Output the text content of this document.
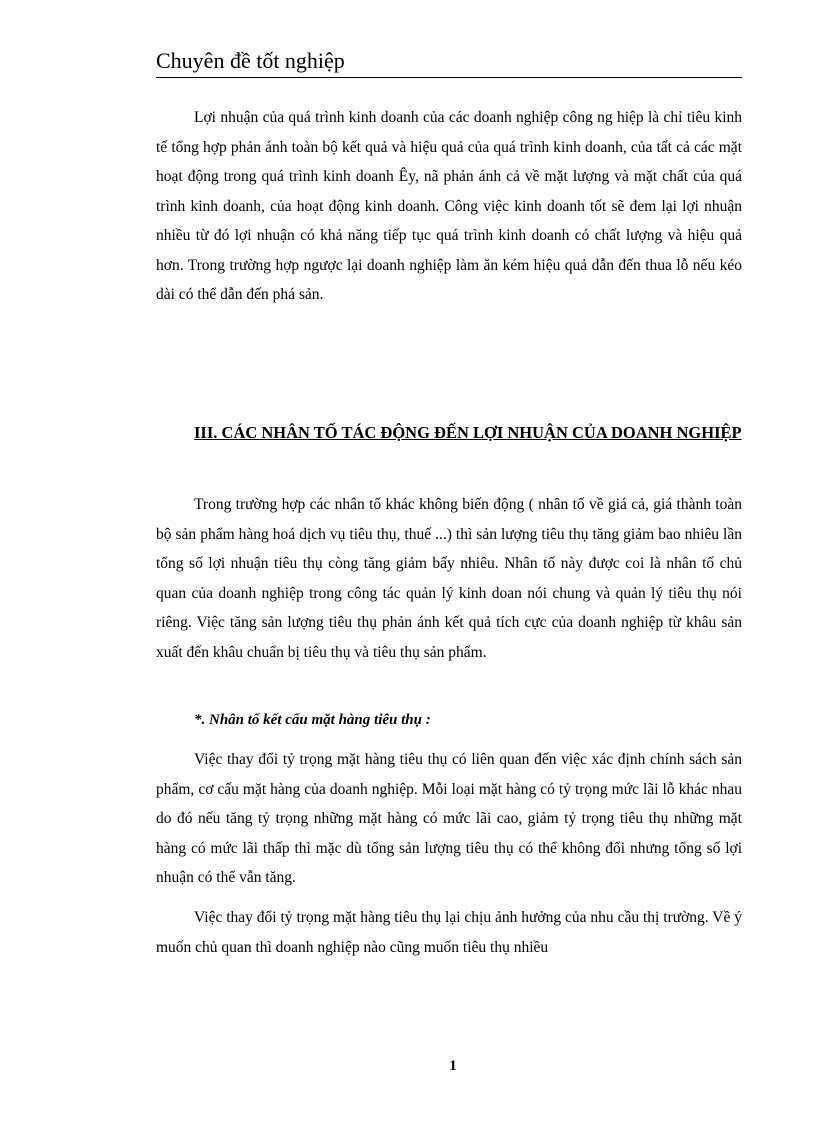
Chuyên đề tốt nghiệp

Lợi nhuận của quá trình kinh doanh của các doanh nghiệp công ng hiệp là chỉ tiêu kinh tế tổng hợp phản ánh toàn bộ kết quả và hiệu quả của quá trình kinh doanh, của tất cả các mặt hoạt động trong quá trình kinh doanh Êy, nã phản ánh cả về mặt lượng và mặt chất của quá trình kinh doanh, của hoạt động kinh doanh. Công việc kinh doanh tốt sẽ đem lại lợi nhuận nhiều từ đó lợi nhuận có khả năng tiếp tục quá trình kinh doanh có chất lượng và hiệu quả hơn. Trong trường hợp ngược lại doanh nghiệp làm ăn kém hiệu quả dẫn đến thua lỗ nếu kéo dài có thể dẫn đến phá sản.

III. CÁC NHÂN TỐ TÁC ĐỘNG ĐẾN LỢI NHUẬN CỦA DOANH NGHIỆP

Trong trường hợp các nhân tố khác không biến động ( nhân tố về giá cả, giá thành toàn bộ sản phẩm hàng hoá dịch vụ tiêu thụ, thuế ...) thì sản lượng tiêu thụ tăng giảm bao nhiêu lần tổng số lợi nhuận tiêu thụ còng tăng giảm bấy nhiêu. Nhân tố này được coi là nhân tố chủ quan của doanh nghiệp trong công tác quản lý kinh doan nói chung và quản lý tiêu thụ nói riêng. Việc tăng sản lượng tiêu thụ phản ánh kết quả tích cực của doanh nghiệp từ khâu sản xuất đến khâu chuẩn bị tiêu thụ và tiêu thụ sản phẩm.

*. Nhân tố kết cấu mặt hàng tiêu thụ :

Việc thay đổi tỷ trọng mặt hàng tiêu thụ có liên quan đến việc xác định chính sách sản phẩm, cơ cấu mặt hàng của doanh nghiệp. Mỗi loại mặt hàng có tỷ trọng mức lãi lỗ khác nhau do đó nếu tăng tỷ trọng những mặt hàng có mức lãi cao, giảm tỷ trọng tiêu thụ những mặt hàng có mức lãi thấp thì mặc dù tổng sản lượng tiêu thụ có thể không đổi nhưng tổng số lợi nhuận có thể vẫn tăng.

Việc thay đổi tỷ trọng mặt hàng tiêu thụ lại chịu ảnh hưởng của nhu cầu thị trường. Về ý muốn chủ quan thì doanh nghiệp nào cũng muốn tiêu thụ nhiều

1
